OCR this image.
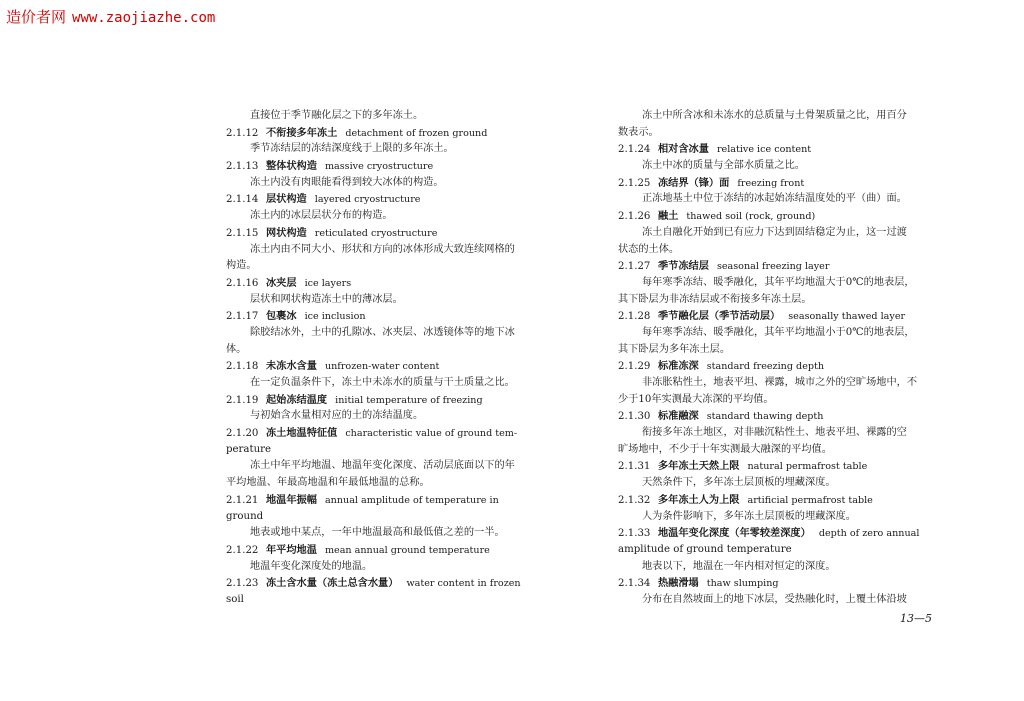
造价者网 www.zaojiazhe.com
直接位于季节融化层之下的多年冻土。
2.1.12 不衔接多年冻土 detachment of frozen ground
季节冻结层的冻结深度线于上限的多年冻土。
2.1.13 整体状构造 massive cryostructure
冻土内没有肉眼能看得到较大冰体的构造。
2.1.14 层状构造 layered cryostructure
冻土内的冰层层状分布的构造。
2.1.15 网状构造 reticulated cryostructure
冻土内由不同大小、形状和方向的冰体形成大致连续网格的
构造。
2.1.16 冰夹层 ice layers
层状和网状构造冻土中的薄冰层。
2.1.17 包裹冰 ice inclusion
除胶结冰外，土中的孔隙冰、冰夹层、冰透镜体等的地下冰
体。
2.1.18 未冻水含量 unfrozen-water content
在一定负温条件下，冻土中未冻水的质量与干土质量之比。
2.1.19 起始冻结温度 initial temperature of freezing
与初始含水量相对应的土的冻结温度。
2.1.20 冻土地温特征值 characteristic value of ground tem-
perature
冻土中年平均地温、地温年变化深度、活动层底面以下的年
平均地温、年最高地温和年最低地温的总称。
2.1.21 地温年振幅 annual amplitude of temperature in
ground
地表或地中某点，一年中地温最高和最低值之差的一半。
2.1.22 年平均地温 mean annual ground temperature
地温年变化深度处的地温。
2.1.23 冻土含水量（冻土总含水量） water content in frozen
soil
冻土中所含冰和未冻水的总质量与土骨架质量之比，用百分
数表示。
2.1.24 相对含冰量 relative ice content
冻土中冰的质量与全部水质量之比。
2.1.25 冻结界（锋）面 freezing front
正冻地基土中位于冻结的冰起始冻结温度处的平（曲）面。
2.1.26 融土 thawed soil (rock, ground)
冻土自融化开始到已有应力下达到固结稳定为止，这一过渡
状态的土体。
2.1.27 季节冻结层 seasonal freezing layer
每年寒季冻结、暖季融化，其年平均地温大于0℃的地表层，
其下卧层为非冻结层或不衔接多年冻土层。
2.1.28 季节融化层（季节活动层） seasonally thawed layer
每年寒季冻结、暖季融化，其年平均地温小于0℃的地表层，
其下卧层为多年冻土层。
2.1.29 标准冻深 standard freezing depth
非冻胀粘性土，地表平坦、裸露，城市之外的空旷场地中，不
少于10年实测最大冻深的平均值。
2.1.30 标准融深 standard thawing depth
衔接多年冻土地区，对非融沉粘性土、地表平坦、裸露的空
旷场地中，不少于十年实测最大融深的平均值。
2.1.31 多年冻土天然上限 natural permafrost table
天然条件下，多年冻土层顶板的埋藏深度。
2.1.32 多年冻土人为上限 artificial permafrost table
人为条件影响下，多年冻土层顶板的埋藏深度。
2.1.33 地温年变化深度（年零较差深度） depth of zero annual
amplitude of ground temperature
地表以下，地温在一年内相对恒定的深度。
2.1.34 热融滑塌 thaw slumping
分布在自然坡面上的地下冰层，受热融化时，上覆土体沿坡
13—5
